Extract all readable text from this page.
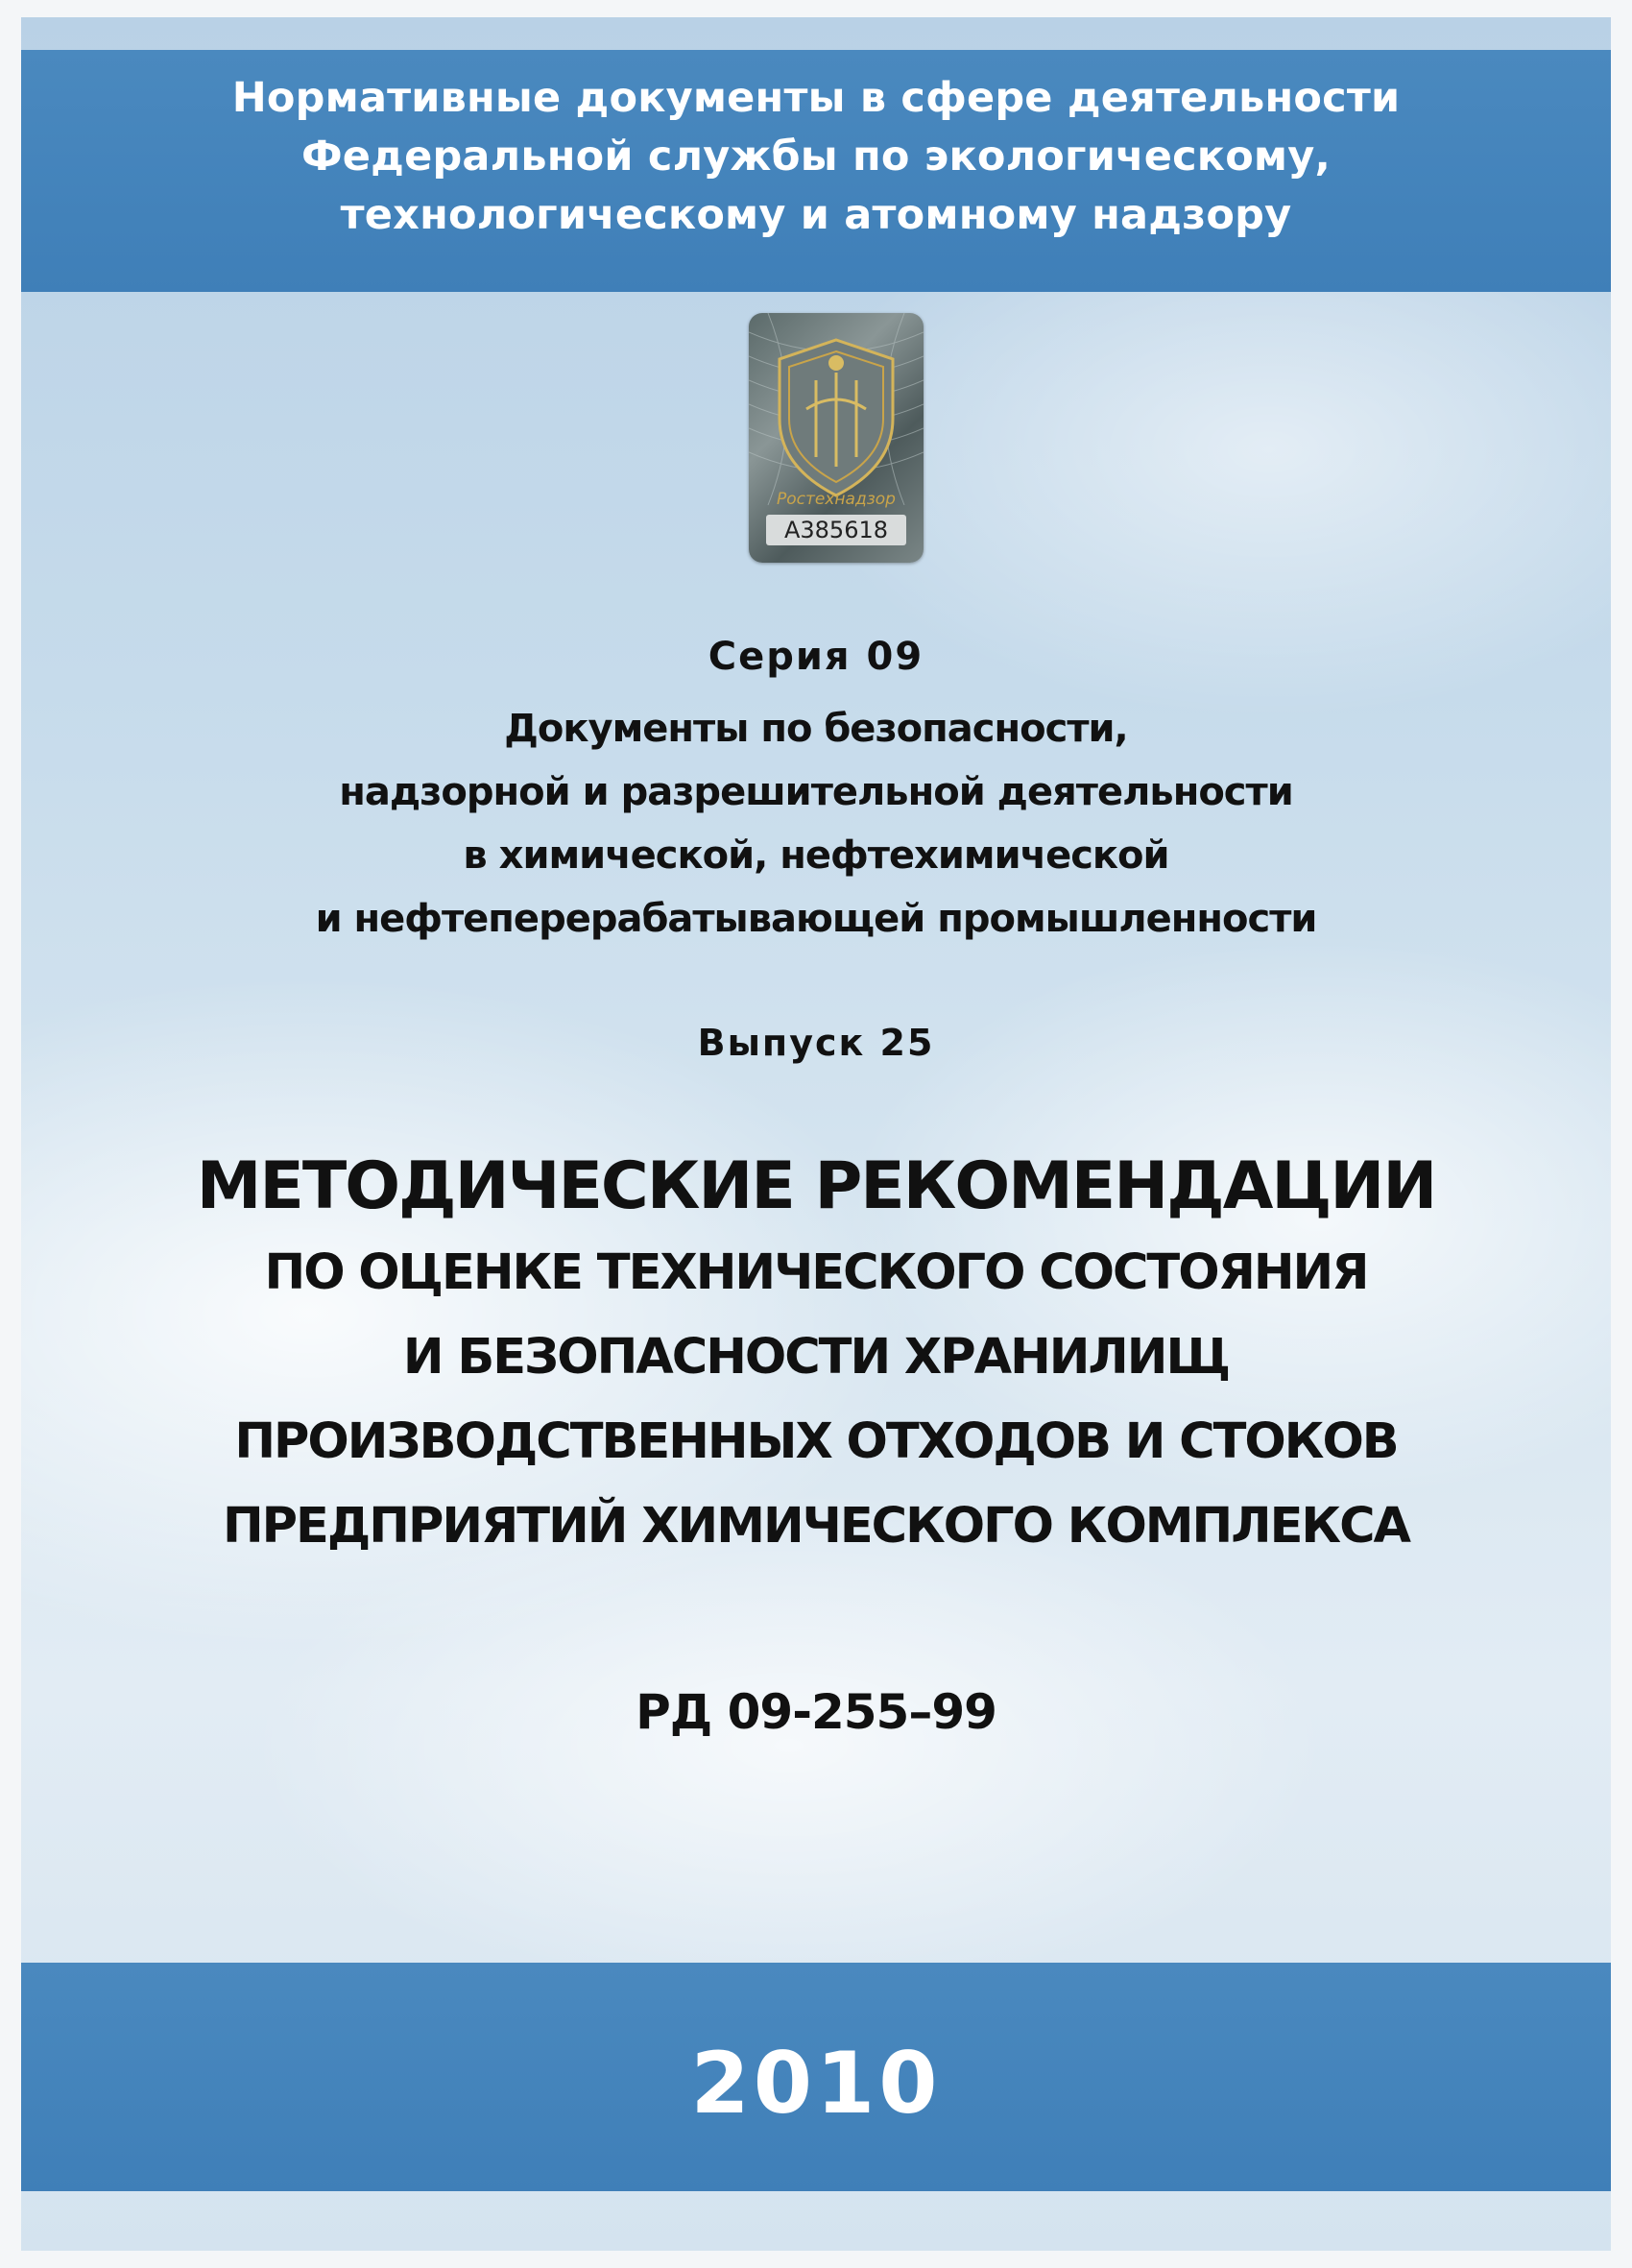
Нормативные документы в сфере деятельности
Федеральной службы по экологическому,
технологическому и атомному надзору
Ростехнадзор
А385618
Серия 09
Документы по безопасности,
надзорной и разрешительной деятельности
в химической, нефтехимической
и нефтеперерабатывающей промышленности
Выпуск 25
МЕТОДИЧЕСКИЕ РЕКОМЕНДАЦИИ
ПО ОЦЕНКЕ ТЕХНИЧЕСКОГО СОСТОЯНИЯ
И БЕЗОПАСНОСТИ ХРАНИЛИЩ
ПРОИЗВОДСТВЕННЫХ ОТХОДОВ И СТОКОВ
ПРЕДПРИЯТИЙ ХИМИЧЕСКОГО КОМПЛЕКСА
РД 09-255–99
2010
